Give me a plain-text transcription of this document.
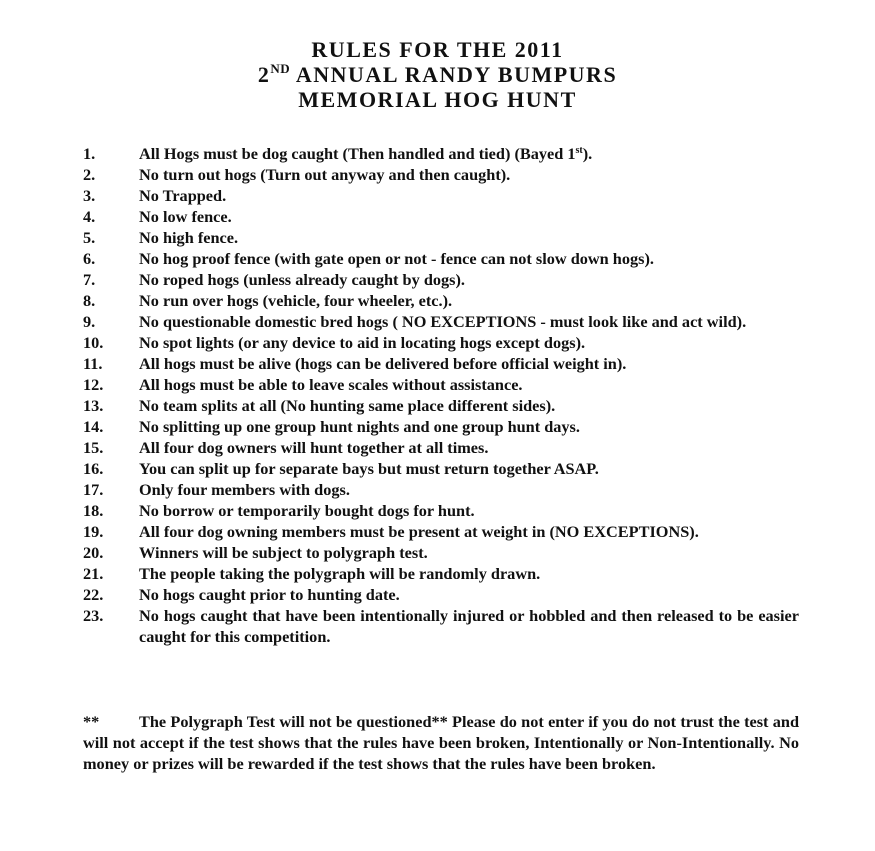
RULES FOR THE 2011
2ND ANNUAL RANDY BUMPURS
MEMORIAL HOG HUNT
1.	All Hogs must be dog caught (Then handled and tied) (Bayed 1st).
2.	No turn out hogs (Turn out anyway and then caught).
3.	No Trapped.
4.	No low fence.
5.	No high fence.
6.	No hog proof fence (with gate open or not - fence can not slow down hogs).
7.	No roped hogs (unless already caught by dogs).
8.	No run over hogs (vehicle, four wheeler, etc.).
9.	No questionable domestic bred hogs ( NO EXCEPTIONS - must look like and act wild).
10.	No spot lights (or any device to aid in locating hogs except dogs).
11.	All hogs must be alive (hogs can be delivered before official weight in).
12.	All hogs must be able to leave scales without assistance.
13.	No team splits at all (No hunting same place different sides).
14.	No splitting up one group hunt nights and one group hunt days.
15.	All four dog owners will hunt together at all times.
16.	You can split up for separate bays but must return together ASAP.
17.	Only four members with dogs.
18.	No borrow or temporarily bought dogs for hunt.
19.	All four dog owning members must be present at weight in (NO EXCEPTIONS).
20.	Winners will be subject to polygraph test.
21.	The people taking the polygraph will be randomly drawn.
22.	No hogs caught prior to hunting date.
23.	No hogs caught that have been intentionally injured or hobbled and then released to be easier caught for this competition.

** The Polygraph Test will not be questioned** Please do not enter if you do not trust the test and will not accept if the test shows that the rules have been broken, Intentionally or Non-Intentionally. No money or prizes will be rewarded if the test shows that the rules have been broken.
